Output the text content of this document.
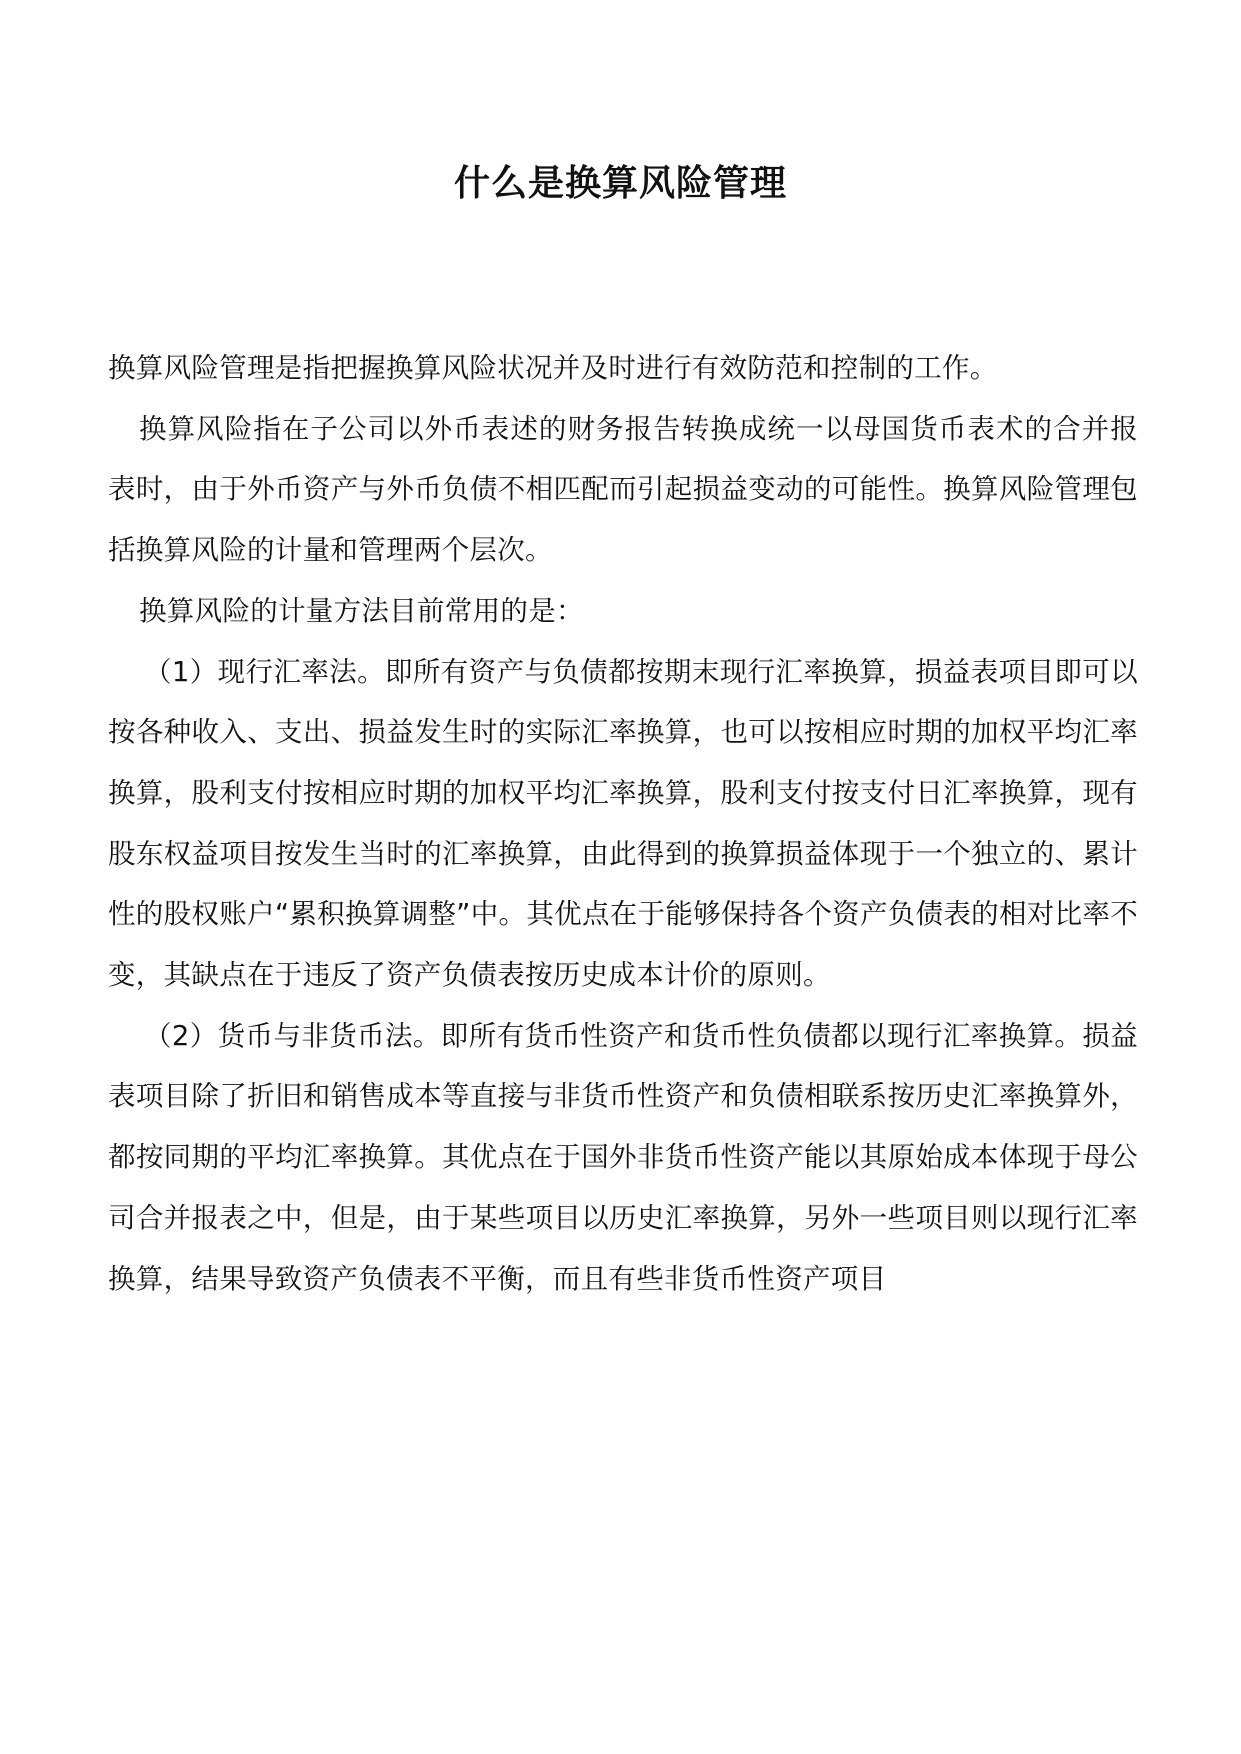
什么是换算风险管理

换算风险管理是指把握换算风险状况并及时进行有效防范和控制的工作。

换算风险指在子公司以外币表述的财务报告转换成统一以母国货币表术的合并报表时，由于外币资产与外币负债不相匹配而引起损益变动的可能性。换算风险管理包括换算风险的计量和管理两个层次。

换算风险的计量方法目前常用的是：

（1）现行汇率法。即所有资产与负债都按期末现行汇率换算，损益表项目即可以按各种收入、支出、损益发生时的实际汇率换算，也可以按相应时期的加权平均汇率换算，股利支付按相应时期的加权平均汇率换算，股利支付按支付日汇率换算，现有股东权益项目按发生当时的汇率换算，由此得到的换算损益体现于一个独立的、累计性的股权账户“累积换算调整”中。其优点在于能够保持各个资产负债表的相对比率不变，其缺点在于违反了资产负债表按历史成本计价的原则。

（2）货币与非货币法。即所有货币性资产和货币性负债都以现行汇率换算。损益表项目除了折旧和销售成本等直接与非货币性资产和负债相联系按历史汇率换算外，都按同期的平均汇率换算。其优点在于国外非货币性资产能以其原始成本体现于母公司合并报表之中，但是，由于某些项目以历史汇率换算，另外一些项目则以现行汇率换算，结果导致资产负债表不平衡，而且有些非货币性资产项目
